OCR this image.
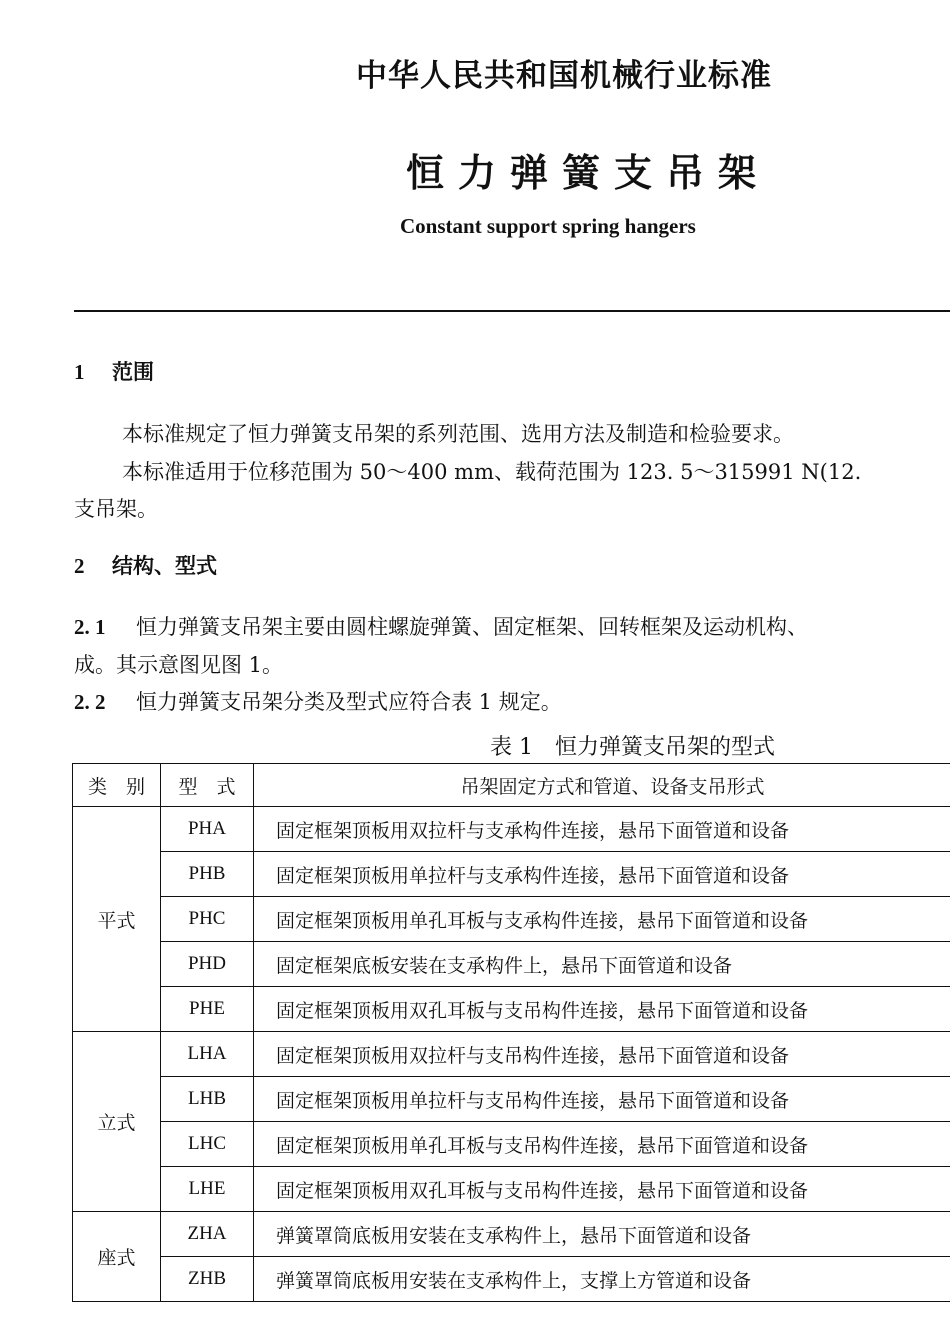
中华人民共和国机械行业标准
恒力弹簧支吊架
Constant support spring hangers
1 范围
本标准规定了恒力弹簧支吊架的系列范围、选用方法及制造和检验要求。
本标准适用于位移范围为 50～400 mm、载荷范围为 123. 5～315991 N(12.
支吊架。
2 结构、型式
2. 1 恒力弹簧支吊架主要由圆柱螺旋弹簧、固定框架、回转框架及运动机构、
成。其示意图见图 1。
2. 2 恒力弹簧支吊架分类及型式应符合表 1 规定。
表 1　恒力弹簧支吊架的型式
类　别	型　式	吊架固定方式和管道、设备支吊形式
平式	PHA	固定框架顶板用双拉杆与支承构件连接，悬吊下面管道和设备
	PHB	固定框架顶板用单拉杆与支承构件连接，悬吊下面管道和设备
	PHC	固定框架顶板用单孔耳板与支承构件连接，悬吊下面管道和设备
	PHD	固定框架底板安装在支承构件上，悬吊下面管道和设备
	PHE	固定框架顶板用双孔耳板与支吊构件连接，悬吊下面管道和设备
立式	LHA	固定框架顶板用双拉杆与支吊构件连接，悬吊下面管道和设备
	LHB	固定框架顶板用单拉杆与支吊构件连接，悬吊下面管道和设备
	LHC	固定框架顶板用单孔耳板与支吊构件连接，悬吊下面管道和设备
	LHE	固定框架顶板用双孔耳板与支吊构件连接，悬吊下面管道和设备
座式	ZHA	弹簧罩筒底板用安装在支承构件上，悬吊下面管道和设备
	ZHB	弹簧罩筒底板用安装在支承构件上，支撑上方管道和设备
